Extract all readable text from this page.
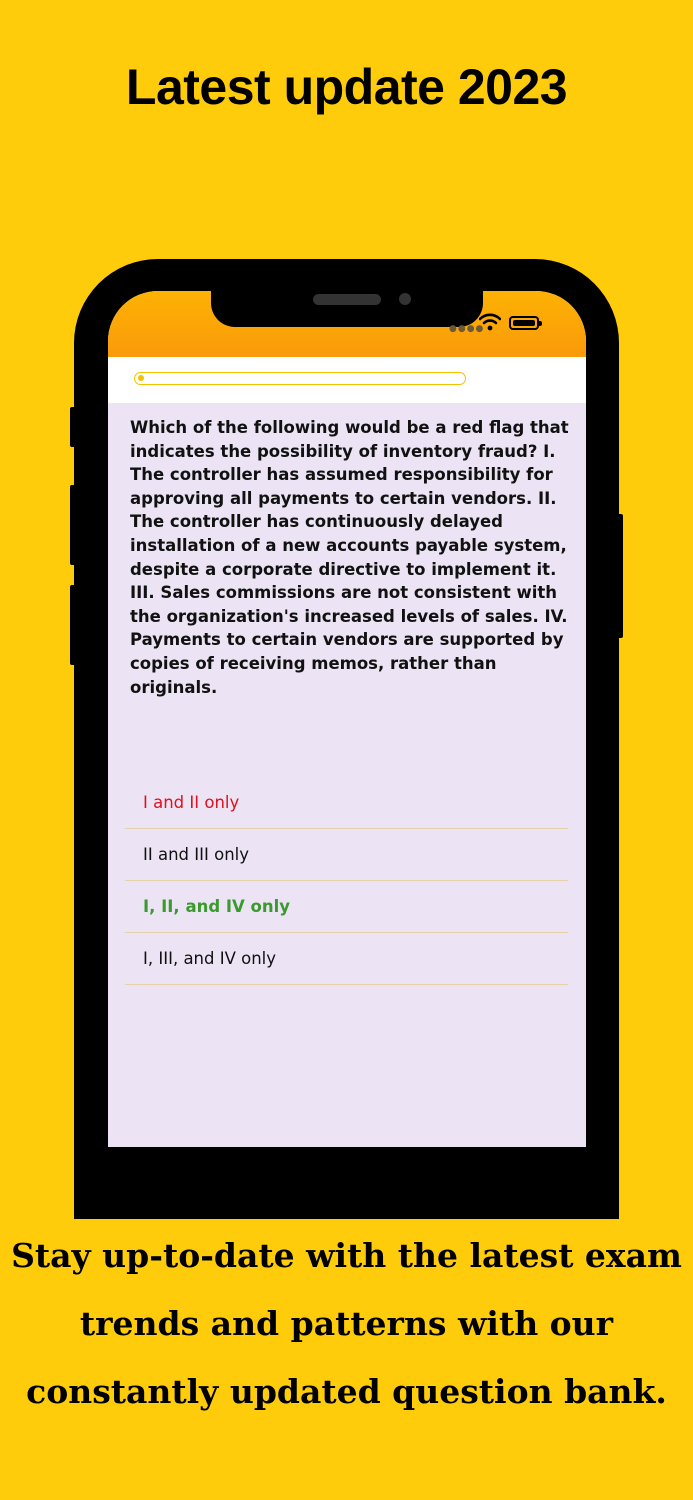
Latest update 2023
●●●●
Which of the following would be a red flag that indicates the possibility of inventory fraud? I. The controller has assumed responsibility for approving all payments to certain vendors. II. The controller has continuously delayed installation of a new accounts payable system, despite a corporate directive to implement it. III. Sales commissions are not consistent with the organization's increased levels of sales. IV. Payments to certain vendors are supported by copies of receiving memos, rather than originals.
I and II only
II and III only
I, II, and IV only
I, III, and IV only
Stay up-to-date with the latest exam trends and patterns with our constantly updated question bank.
